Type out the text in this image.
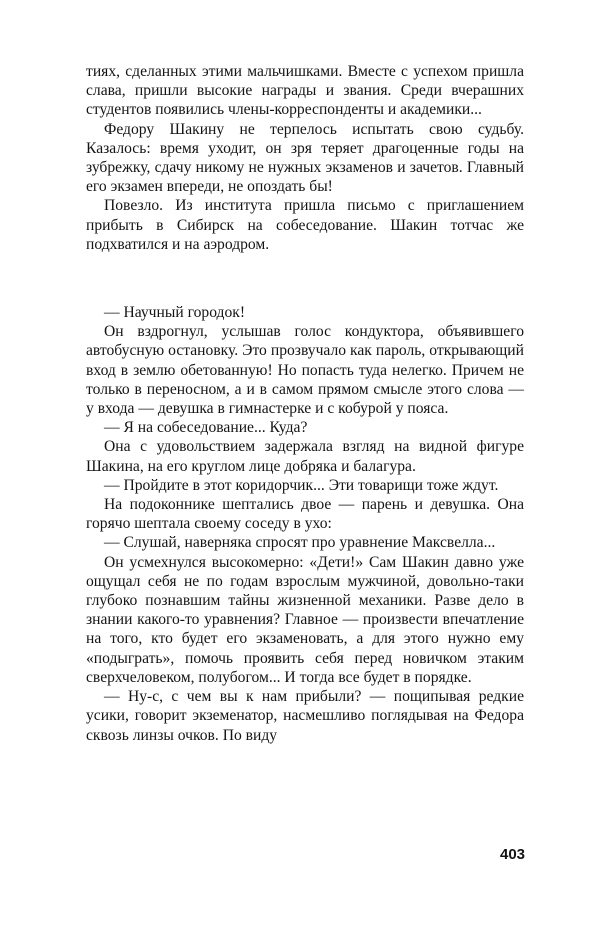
тиях, сделанных этими мальчишками. Вместе с успехом пришла слава, пришли высокие награды и звания. Среди вчерашних студентов появились члены-корреспонденты и академики...

Федору Шакину не терпелось испытать свою судьбу. Казалось: время уходит, он зря теряет драгоценные годы на зубрежку, сдачу никому не нужных экзаменов и зачетов. Главный его экзамен впереди, не опоздать бы!

Повезло. Из института пришла письмо с приглашением прибыть в Сибирск на собеседование. Шакин тотчас же подхватился и на аэродром.

— Научный городок!

Он вздрогнул, услышав голос кондуктора, объявившего автобусную остановку. Это прозвучало как пароль, открывающий вход в землю обетованную! Но попасть туда нелегко. Причем не только в переносном, а и в самом прямом смысле этого слова — у входа — девушка в гимнастерке и с кобурой у пояса.

— Я на собеседование... Куда?

Она с удовольствием задержала взгляд на видной фигуре Шакина, на его круглом лице добряка и балагура.

— Пройдите в этот коридорчик... Эти товарищи тоже ждут.

На подоконнике шептались двое — парень и девушка. Она горячо шептала своему соседу в ухо:

— Слушай, наверняка спросят про уравнение Максвелла...

Он усмехнулся высокомерно: «Дети!» Сам Шакин давно уже ощущал себя не по годам взрослым мужчиной, довольно-таки глубоко познавшим тайны жизненной механики. Разве дело в знании какого-то уравнения? Главное — произвести впечатление на того, кто будет его экзаменовать, а для этого нужно ему «подыграть», помочь проявить себя перед новичком этаким сверхчеловеком, полубогом... И тогда все будет в порядке.

— Ну-с, с чем вы к нам прибыли? — пощипывая редкие усики, говорит экземенатор, насмешливо поглядывая на Федора сквозь линзы очков. По виду

403
